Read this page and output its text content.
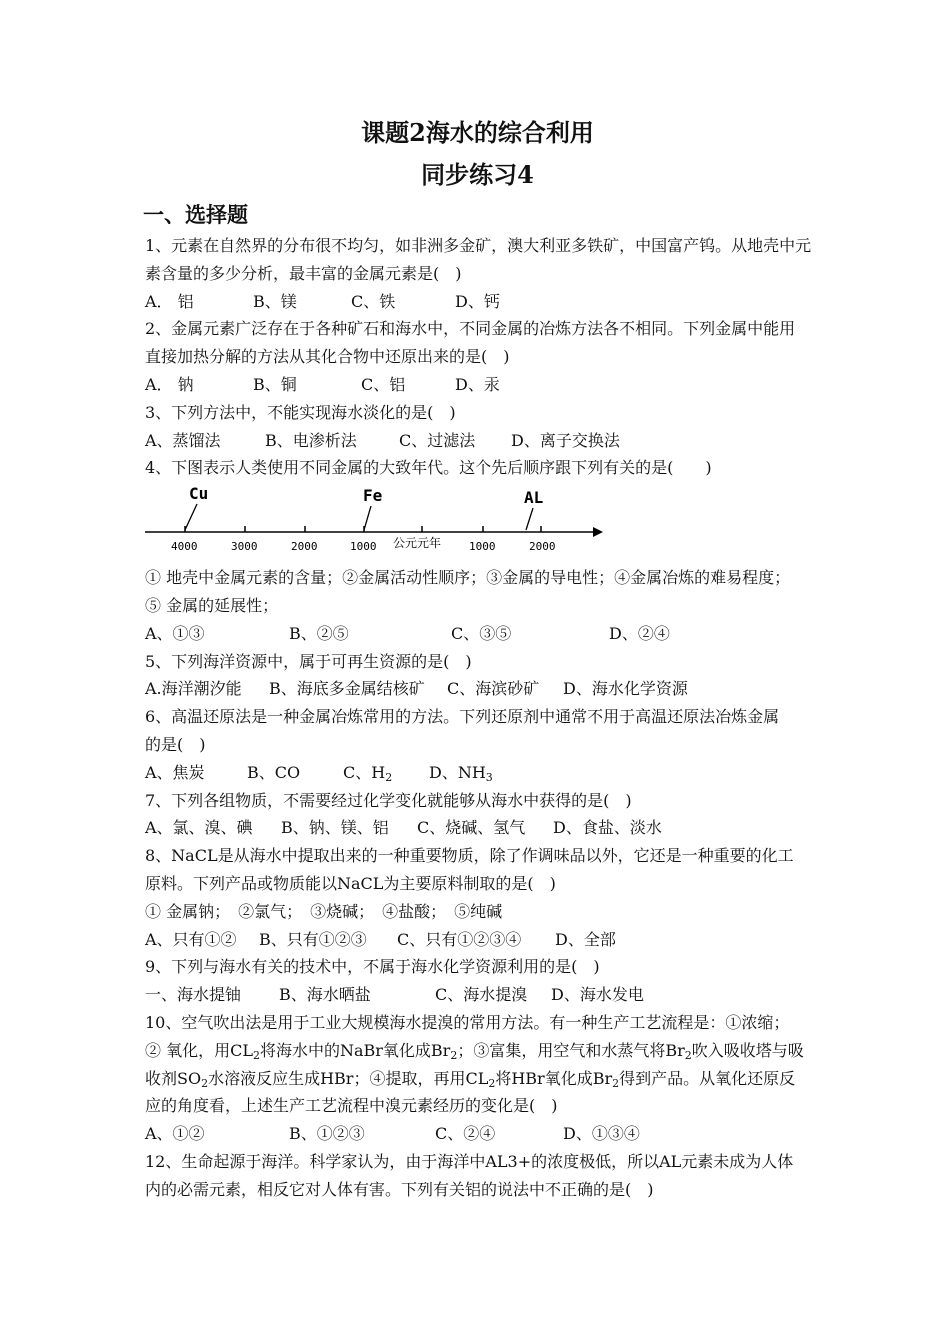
课题2海水的综合利用
同步练习4
一、选择题

1、元素在自然界的分布很不均匀，如非洲多金矿，澳大利亚多铁矿，中国富产钨。从地壳中元

素含量的多少分析，最丰富的金属元素是(　)

A． 铝	B、镁	C、铁	D、钙

2、金属元素广泛存在于各种矿石和海水中，不同金属的冶炼方法各不相同。下列金属中能用

直接加热分解的方法从其化合物中还原出来的是(　)

A． 钠	B、铜	C、铝	D、汞

3、下列方法中，不能实现海水淡化的是(　)

A、蒸馏法	B、电渗析法	C、过滤法 D、离子交换法

4、下图表示人类使用不同金属的大致年代。这个先后顺序跟下列有关的是(　　)

Cu	Fe	AL
4000	3000	2000	1000 公元元年	1000	2000

① 地壳中金属元素的含量；②金属活动性顺序；③金属的导电性；④金属冶炼的难易程度；

⑤ 金属的延展性；

A、①③	B、②⑤	C、③⑤	D、②④

5、下列海洋资源中，属于可再生资源的是(　)

A.海洋潮汐能 B、海底多金属结核矿 C、海滨砂矿 D、海水化学资源

6、高温还原法是一种金属冶炼常用的方法。下列还原剂中通常不用于高温还原法冶炼金属

的是(　)

A、焦炭	B、CO	C、$H_2$ D、$NH_3$

7、下列各组物质，不需要经过化学变化就能够从海水中获得的是(　)

A、氯、溴、碘 B、钠、镁、铝 C、烧碱、氢气 D、食盐、淡水

8、NaCL是从海水中提取出来的一种重要物质，除了作调味品以外，它还是一种重要的化工

原料。下列产品或物质能以NaCL为主要原料制取的是(　)

① 金属钠；　②氯气；　③烧碱；　④盐酸；　⑤纯碱

A、只有①② B、只有①②③ C、只有①②③④ D、全部

9、下列与海水有关的技术中，不属于海水化学资源利用的是(　)

一、海水提铀 B、海水晒盐	C、海水提溴 D、海水发电

10、空气吹出法是用于工业大规模海水提溴的常用方法。有一种生产工艺流程是：①浓缩；

② 氧化，用$CL_2$将海水中的NaBr氧化成$Br_2$；③富集，用空气和水蒸气将$Br_2$吹入吸收塔与吸

收剂$SO_2$水溶液反应生成HBr；④提取，再用$CL_2$将HBr氧化成$Br_2$得到产品。从氧化还原反

应的角度看，上述生产工艺流程中溴元素经历的变化是(　)

A、①②	B、①②③	C、②④	D、①③④

12、生命起源于海洋。科学家认为，由于海洋中AL3+的浓度极低，所以AL元素未成为人体

内的必需元素，相反它对人体有害。下列有关铝的说法中不正确的是(　)
